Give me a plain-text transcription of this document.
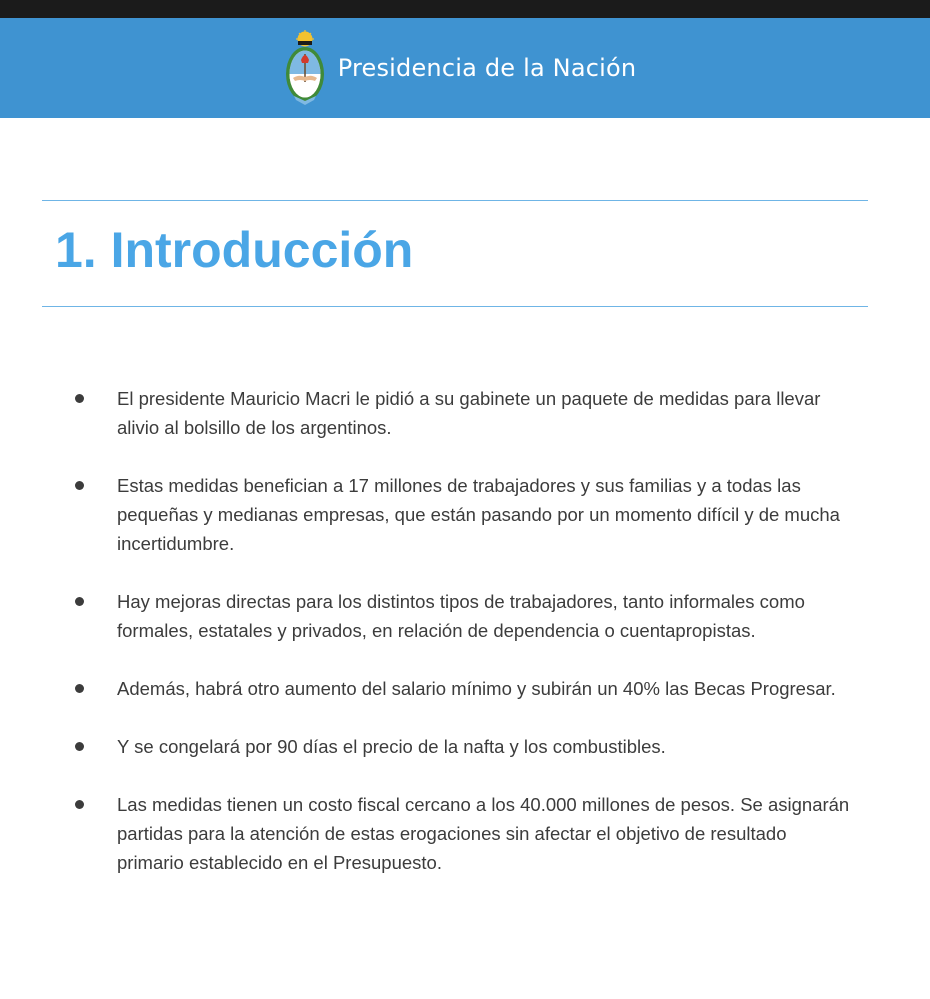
Presidencia de la Nación
1. Introducción
El presidente Mauricio Macri le pidió a su gabinete un paquete de medidas para llevar alivio al bolsillo de los argentinos.
Estas medidas benefician a 17 millones de trabajadores y sus familias y a todas las pequeñas y medianas empresas, que están pasando por un momento difícil y de mucha incertidumbre.
Hay mejoras directas para los distintos tipos de trabajadores, tanto informales como formales, estatales y privados, en relación de dependencia o cuentapropistas.
Además, habrá otro aumento del salario mínimo y subirán un 40% las Becas Progresar.
Y se congelará por 90 días el precio de la nafta y los combustibles.
Las medidas tienen un costo fiscal cercano a los 40.000 millones de pesos. Se asignarán partidas para la atención de estas erogaciones sin afectar el objetivo de resultado primario establecido en el Presupuesto.
